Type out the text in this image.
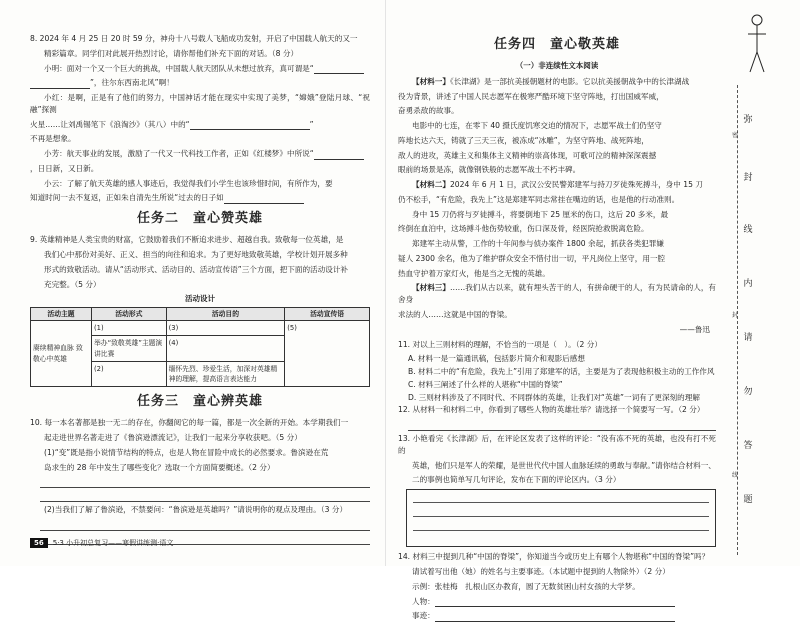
8. 2024 年 4 月 25 日 20 时 59 分，神舟十八号载人飞船成功发射，开启了中国载人航天的又一

精彩篇章。同学们对此展开热烈讨论，请你帮他们补充下面的对话。（8 分）

小明：面对一个又一个巨大的挑战，中国载人航天团队从未想过放弃，真可谓是“

”，往尔东西南北风”啊！

小红：是啊，正是有了他们的努力，中国神话才能在现实中实现了美梦，“嫦娥”登陆月球、“祝融”探测

火星……让刘禹锡笔下《浪淘沙》（其八）中的“	”

不再是想象。

小芳：航天事业的发展，激励了一代又一代科技工作者，正如《红楼梦》中所说“

，日日新，又日新。

小云：了解了航天英雄的感人事迹后，我觉得我们小学生也该珍惜时间，有所作为，要

知道时间一去不复返，正如朱自清先生所说“过去的日子如

任务二　童心赞英雄

9. 英雄精神是人类宝贵的财富，它鼓励着我们不断追求进步、超越自我。致敬每一位英雄，是

我们心中那份对美好、正义、担当的向往和追求。为了更好地致敬英雄，学校计划开展多种

形式的致敬活动。请从“活动形式、活动目的、活动宣传语”三个方面，把下面的活动设计补

充完整。（5 分）

活动设计
活动主题	活动形式	活动目的	活动宣传语
赓续精神血脉 致敬心中英雄	(1)	(3)	(5)
	举办“致敬英雄”主题演讲比赛	(4)	
	(2)	缅怀先烈、珍爱生活，加深对英雄精神的理解，提高语言表达能力	
任务三　童心辨英雄

10. 每一本名著都是独一无二的存在，你翻阅它的每一篇，都是一次全新的开始。本学期我们一

起走进世界名著走进了《鲁滨逊漂流记》，让我们一起来分享收获吧。（5 分）

(1)“变”既是指小说情节结构的特点，也是人物在冒险中成长的必然要求。鲁滨逊在荒

岛求生的 28 年中发生了哪些变化？选取一个方面简要概述。（2 分）

(2)当我们了解了鲁滨逊，不禁要问：“鲁滨逊是英雄吗？”请说明你的观点及理由。（3 分）

56 5·3 小升初总复习——寒假讲练测·语文
任务四　童心敬英雄
（一）非连续性文本阅读

【材料一】《长津湖》是一部抗美援朝题材的电影。它以抗美援朝战争中的长津湖战

役为背景，讲述了中国人民志愿军在极寒严酷环境下坚守阵地，打出国威军威，

奋勇杀敌的故事。

电影中的七连，在零下 40 摄氏度饥寒交迫的情况下，志愿军战士们仍坚守

阵地长达六天，铸就了三天三夜，被冻成“冰雕”，为坚守阵地、战死阵地，

敌人的进攻，英雄主义和集体主义精神的崇高体现，可歌可泣的精神深深震撼

眼前的场景是冻，就像钢铁般的志愿军战士不朽丰碑。

【材料二】2024 年 6 月 1 日，武汉公安民警郑建军与持刀歹徒殊死搏斗，身中 15 刀

仍不松手，“有危险，我先上”这是郑建军同志常挂在嘴边的话，也是他的行动准则。

身中 15 刀仍将与歹徒搏斗，将要倒地下 25 厘米的伤口，这后 20 多米，最

终倒在血泊中，这场搏斗他伤势较重，伤口深及骨，经医院抢救脱离危险。

郑建军主动从警，工作的十年间参与侦办案件 1800 余起，抓获各类犯罪嫌

疑人 2300 余名，他为了维护群众安全不惜付出一切，平凡岗位上坚守，用一腔

热血守护着万家灯火，他是当之无愧的英雄。

【材料三】……我们从古以来，就有埋头苦干的人，有拼命硬干的人，有为民请命的人，有舍身

求法的人……这就是中国的脊梁。

——鲁迅

11. 对以上三则材料的理解，不恰当的一项是（　）。（2 分）

A. 材料一是一篇通讯稿，包括影片简介和观影后感想

B. 材料二中的“有危险，我先上”引用了郑建军的话，主要是为了表现他积极主动的工作作风

C. 材料三阐述了什么样的人堪称“中国的脊梁”

D. 三则材料涉及了不同时代、不同群体的英雄，让我们对“英雄”一词有了更深刻的理解

12. 从材料一和材料二中，你看到了哪些人物的英雄壮举？请选择一个简要写一写。（2 分）

13. 小艳看完《长津湖》后，在评论区发表了这样的评论：“没有冻不死的英雄，也没有打不死的

英雄，他们只是军人的荣耀，是世世代代中国人血脉延续的勇敢与奉献。”请你结合材料一、

二的事例也简单写几句评论，发布在下面的评论区内。（3 分）

14. 材料三中提到几种“中国的脊梁”，你知道当今或历史上有哪个人物堪称“中国的脊梁”吗？

请试着写出他（她）的姓名与主要事迹。（本试题中提到的人物除外）（2 分）

示例：张桂梅　扎根山区办教育，圆了无数贫困山村女孩的大学梦。

人物：

事迹：

弥
封
线
内
请
勿
答
题
密
封
线
